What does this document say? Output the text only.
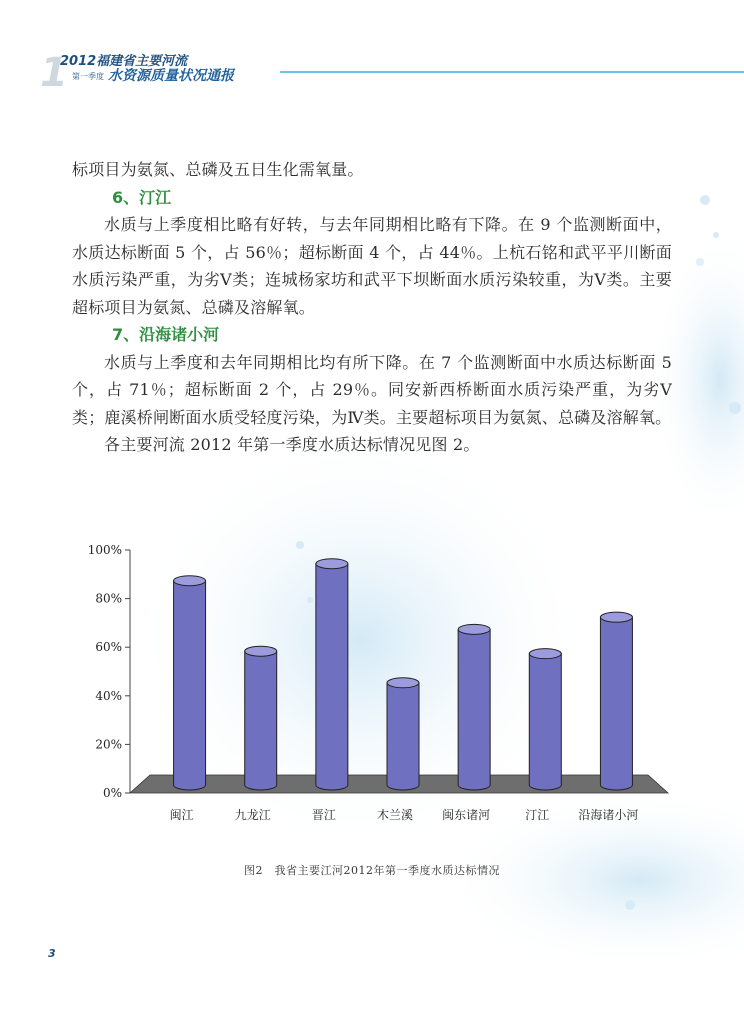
1
2012福建省主要河流
第一季度 水资源质量状况通报

标项目为氨氮、总磷及五日生化需氧量。

6、汀江

水质与上季度相比略有好转，与去年同期相比略有下降。在 9 个监测断面中，水质达标断面 5 个，占 56％；超标断面 4 个，占 44％。上杭石铭和武平平川断面水质污染严重，为劣Ⅴ类；连城杨家坊和武平下坝断面水质污染较重，为Ⅴ类。主要超标项目为氨氮、总磷及溶解氧。

7、沿海诸小河

水质与上季度和去年同期相比均有所下降。在 7 个监测断面中水质达标断面 5 个，占 71％；超标断面 2 个，占 29％。同安新西桥断面水质污染严重，为劣Ⅴ类；鹿溪桥闸断面水质受轻度污染，为Ⅳ类。主要超标项目为氨氮、总磷及溶解氧。

各主要河流 2012 年第一季度水质达标情况见图 2。

0%
20%
40%
60%
80%
100%
闽江	九龙江	晋江	木兰溪 闽东诸河	汀江 沿海诸小河
图2　我省主要江河2012年第一季度水质达标情况
3
